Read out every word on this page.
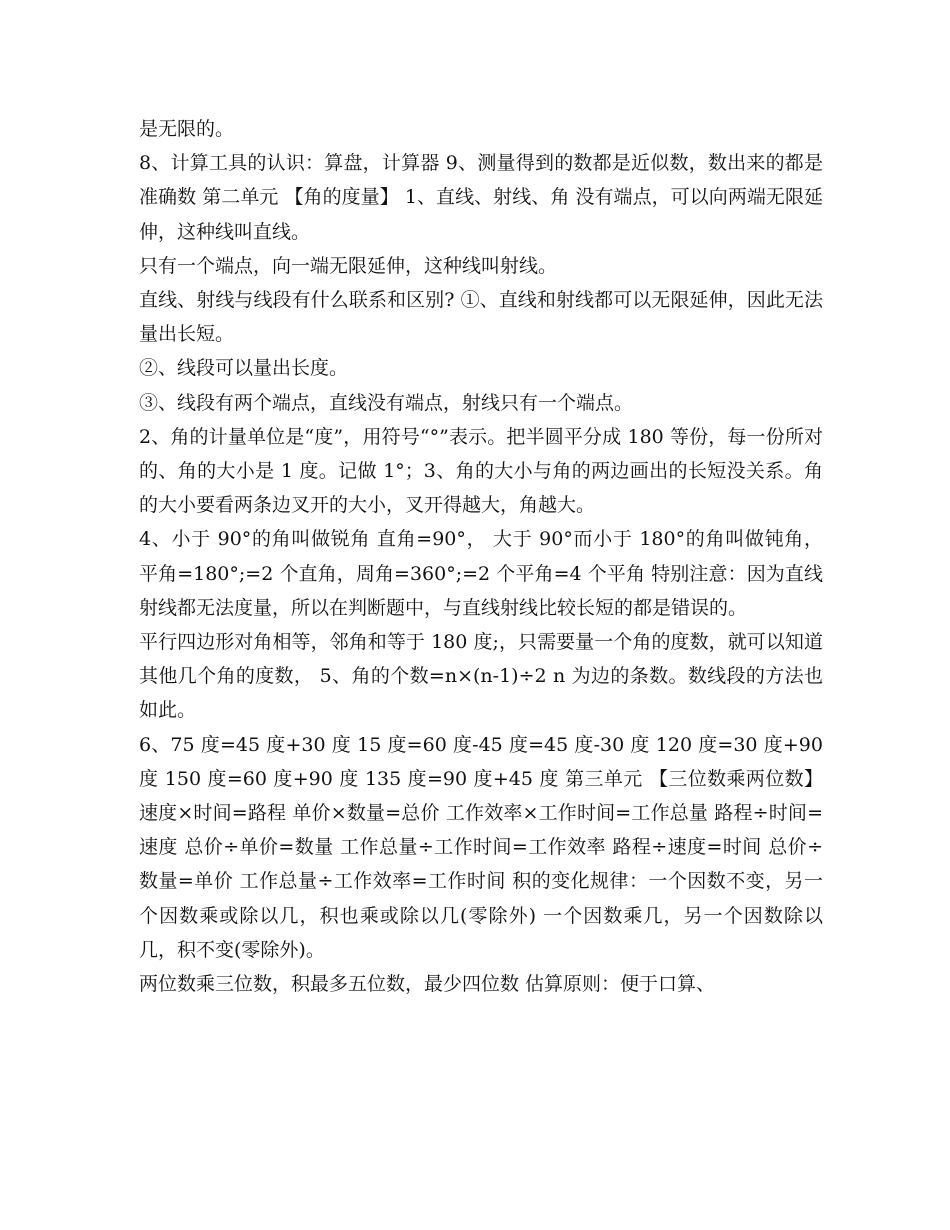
是无限的。

8、计算工具的认识：算盘，计算器 9、测量得到的数都是近似数，数出来的都是准确数 第二单元 【角的度量】 1、直线、射线、角 没有端点，可以向两端无限延伸，这种线叫直线。

只有一个端点，向一端无限延伸，这种线叫射线。

直线、射线与线段有什么联系和区别? ①、直线和射线都可以无限延伸，因此无法量出长短。

②、线段可以量出长度。

③、线段有两个端点，直线没有端点，射线只有一个端点。

2、角的计量单位是“度”，用符号“°”表示。把半圆平分成 180 等份，每一份所对的、角的大小是 1 度。记做 1°；3、角的大小与角的两边画出的长短没关系。角的大小要看两条边叉开的大小，叉开得越大，角越大。

4、小于 90°的角叫做锐角 直角=90°， 大于 90°而小于 180°的角叫做钝角， 平角=180°;=2 个直角，周角=360°;=2 个平角=4 个平角 特别注意：因为直线射线都无法度量，所以在判断题中，与直线射线比较长短的都是错误的。

平行四边形对角相等，邻角和等于 180 度;，只需要量一个角的度数，就可以知道其他几个角的度数， 5、角的个数=n×(n-1)÷2 n 为边的条数。数线段的方法也如此。

6、75 度=45 度+30 度 15 度=60 度-45 度=45 度-30 度 120 度=30 度+90 度 150 度=60 度+90 度 135 度=90 度+45 度 第三单元 【三位数乘两位数】 速度×时间=路程 单价×数量=总价 工作效率×工作时间=工作总量 路程÷时间=速度 总价÷单价=数量 工作总量÷工作时间=工作效率 路程÷速度=时间 总价÷数量=单价 工作总量÷工作效率=工作时间 积的变化规律：一个因数不变，另一个因数乘或除以几，积也乘或除以几(零除外) 一个因数乘几，另一个因数除以几，积不变(零除外)。

两位数乘三位数，积最多五位数，最少四位数 估算原则：便于口算、
